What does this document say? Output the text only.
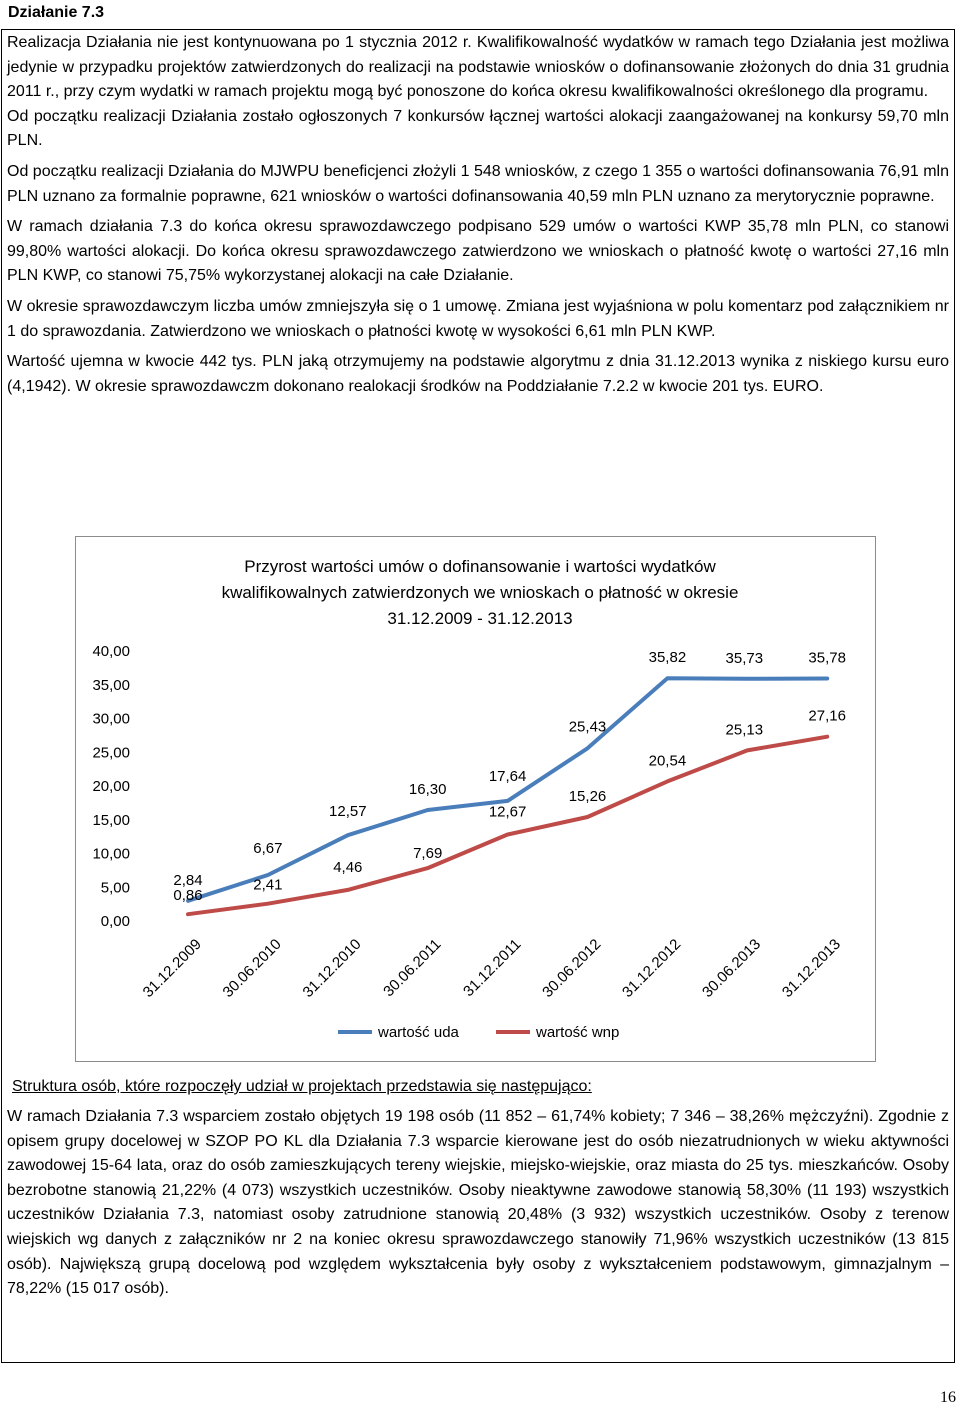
Działanie 7.3

Realizacja Działania nie jest kontynuowana po 1 stycznia 2012 r. Kwalifikowalność wydatków w ramach tego Działania jest możliwa jedynie w przypadku projektów zatwierdzonych do realizacji na podstawie wniosków o dofinansowanie złożonych do dnia 31 grudnia 2011 r., przy czym wydatki w ramach projektu mogą być ponoszone do końca okresu kwalifikowalności określonego dla programu.

Od początku realizacji Działania zostało ogłoszonych 7 konkursów łącznej wartości alokacji zaangażowanej na konkursy 59,70 mln PLN.

Od początku realizacji Działania do MJWPU beneficjenci złożyli 1 548 wniosków, z czego 1 355 o wartości dofinansowania 76,91 mln PLN uznano za formalnie poprawne, 621 wniosków o wartości dofinansowania 40,59 mln PLN uznano za merytorycznie poprawne.

W ramach działania 7.3 do końca okresu sprawozdawczego podpisano 529 umów o wartości KWP 35,78 mln PLN, co stanowi 99,80% wartości alokacji. Do końca okresu sprawozdawczego zatwierdzono we wnioskach o płatność kwotę o wartości 27,16 mln PLN KWP, co stanowi 75,75% wykorzystanej alokacji na całe Działanie.

W okresie sprawozdawczym liczba umów zmniejszyła się o 1 umowę. Zmiana jest wyjaśniona w polu komentarz pod załącznikiem nr 1 do sprawozdania. Zatwierdzono we wnioskach o płatności kwotę w wysokości 6,61 mln PLN KWP.

Wartość ujemna w kwocie 442 tys. PLN jaką otrzymujemy na podstawie algorytmu z dnia 31.12.2013 wynika z niskiego kursu euro (4,1942). W okresie sprawozdawczm dokonano realokacji środków na Poddziałanie 7.2.2 w kwocie 201 tys. EURO.

Przyrost wartości umów o dofinansowanie i wartości wydatków
kwalifikowalnych zatwierdzonych we wnioskach o płatność w okresie
31.12.2009 - 31.12.2013
0,00
5,00
10,00
15,00
20,00
25,00
30,00
35,00
40,00
31.12.2009 30.06.2010 31.12.2010 30.06.2011 31.12.2011 30.06.2012 31.12.2012 30.06.2013 31.12.2013
2,84
6,67
12,57
16,30
17,64
25,43
35,82	35,73	35,78
0,86
2,41
4,46
7,69
12,67
15,26
20,54
25,13
27,16
wartość uda	wartość wnp
Struktura osób, które rozpoczęły udział w projektach przedstawia się następująco:

W ramach Działania 7.3 wsparciem zostało objętych 19 198 osób (11 852 – 61,74% kobiety; 7 346 – 38,26% mężczyźni). Zgodnie z opisem grupy docelowej w SZOP PO KL dla Działania 7.3 wsparcie kierowane jest do osób niezatrudnionych w wieku aktywności zawodowej 15-64 lata, oraz do osób zamieszkujących tereny wiejskie, miejsko-wiejskie, oraz miasta do 25 tys. mieszkańców. Osoby bezrobotne stanowią 21,22% (4 073) wszystkich uczestników. Osoby nieaktywne zawodowe stanowią 58,30% (11 193) wszystkich uczestników Działania 7.3, natomiast osoby zatrudnione stanowią 20,48% (3 932) wszystkich uczestników. Osoby z terenow wiejskich wg danych z załączników nr 2 na koniec okresu sprawozdawczego stanowiły 71,96% wszystkich uczestników (13 815 osób). Największą grupą docelową pod względem wykształcenia były osoby z wykształceniem podstawowym, gimnazjalnym – 78,22% (15 017 osób).

16
